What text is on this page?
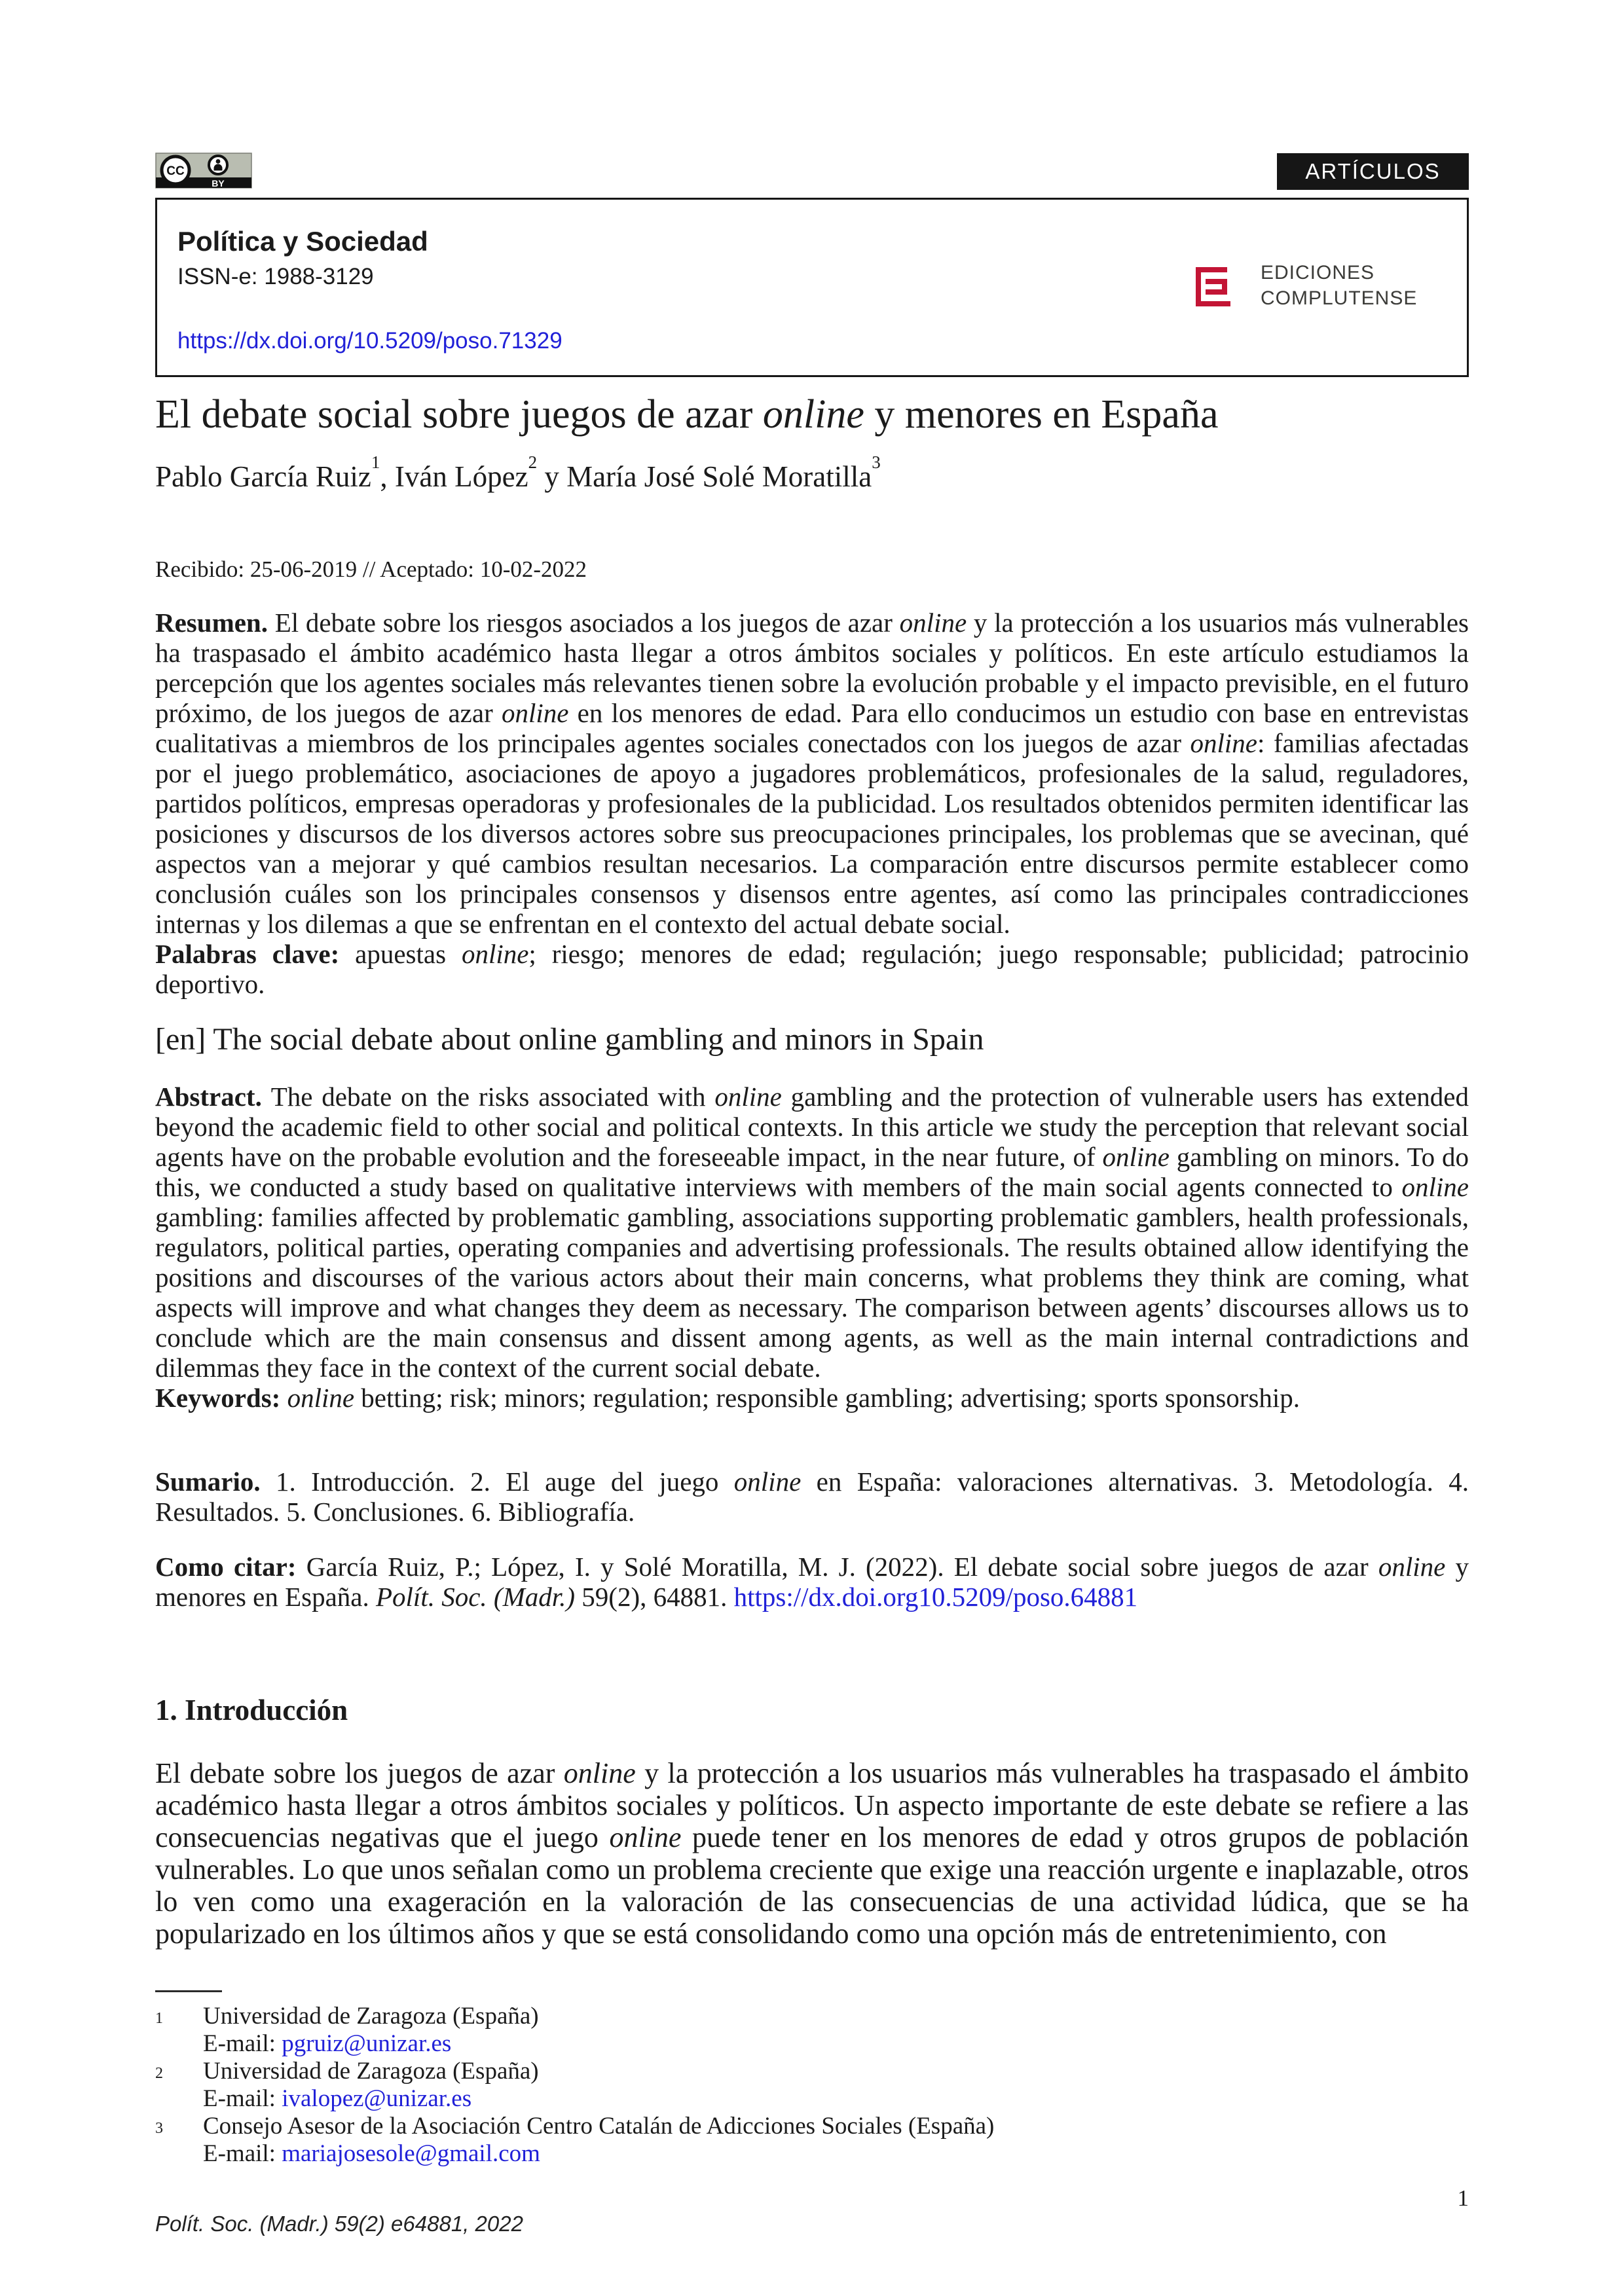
CC
BY	ARTÍCULOS
Política y Sociedad
ISSN-e: 1988-3129
https://dx.doi.org/10.5209/poso.71329
EDICIONES
COMPLUTENSE
El debate social sobre juegos de azar online y menores en España
Pablo García Ruiz$^1$, Iván López$^2$ y María José Solé Moratilla$^3$
Recibido: 25-06-2019 // Aceptado: 10-02-2022

Resumen. El debate sobre los riesgos asociados a los juegos de azar online y la protección a los usuarios más vulnerables ha traspasado el ámbito académico hasta llegar a otros ámbitos sociales y políticos. En este artículo estudiamos la percepción que los agentes sociales más relevantes tienen sobre la evolución probable y el impacto previsible, en el futuro próximo, de los juegos de azar online en los menores de edad. Para ello conducimos un estudio con base en entrevistas cualitativas a miembros de los principales agentes sociales conectados con los juegos de azar online: familias afectadas por el juego problemático, asociaciones de apoyo a jugadores problemáticos, profesionales de la salud, reguladores, partidos políticos, empresas operadoras y profesionales de la publicidad. Los resultados obtenidos permiten identificar las posiciones y discursos de los diversos actores sobre sus preocupaciones principales, los problemas que se avecinan, qué aspectos van a mejorar y qué cambios resultan necesarios. La comparación entre discursos permite establecer como conclusión cuáles son los principales consensos y disensos entre agentes, así como las principales contradicciones internas y los dilemas a que se enfrentan en el contexto del actual debate social.

Palabras clave: apuestas online; riesgo; menores de edad; regulación; juego responsable; publicidad; patrocinio deportivo.

[en] The social debate about online gambling and minors in Spain

Abstract. The debate on the risks associated with online gambling and the protection of vulnerable users has extended beyond the academic field to other social and political contexts. In this article we study the perception that relevant social agents have on the probable evolution and the foreseeable impact, in the near future, of online gambling on minors. To do this, we conducted a study based on qualitative interviews with members of the main social agents connected to online gambling: families affected by problematic gambling, associations supporting problematic gamblers, health professionals, regulators, political parties, operating companies and advertising professionals. The results obtained allow identifying the positions and discourses of the various actors about their main concerns, what problems they think are coming, what aspects will improve and what changes they deem as necessary. The comparison between agents’ discourses allows us to conclude which are the main consensus and dissent among agents, as well as the main internal contradictions and dilemmas they face in the context of the current social debate.

Keywords: online betting; risk; minors; regulation; responsible gambling; advertising; sports sponsorship.

Sumario. 1. Introducción. 2. El auge del juego online en España: valoraciones alternativas. 3. Metodología. 4. Resultados. 5. Conclusiones. 6. Bibliografía.
Como citar: García Ruiz, P.; López, I. y Solé Moratilla, M. J. (2022). El debate social sobre juegos de azar online y menores en España. Polít. Soc. (Madr.) 59(2), 64881. https://dx.doi.org10.5209/poso.64881
1. Introducción
El debate sobre los juegos de azar online y la protección a los usuarios más vulnerables ha traspasado el ámbito académico hasta llegar a otros ámbitos sociales y políticos. Un aspecto importante de este debate se refiere a las consecuencias negativas que el juego online puede tener en los menores de edad y otros grupos de población vulnerables. Lo que unos señalan como un problema creciente que exige una reacción urgente e inaplazable, otros lo ven como una exageración en la valoración de las consecuencias de una actividad lúdica, que se ha popularizado en los últimos años y que se está consolidando como una opción más de entretenimiento, con
1	Universidad de Zaragoza (España)
E-mail: pgruiz@unizar.es
2	Universidad de Zaragoza (España)
E-mail: ivalopez@unizar.es
3	Consejo Asesor de la Asociación Centro Catalán de Adicciones Sociales (España)
E-mail: mariajosesole@gmail.com
Polít. Soc. (Madr.) 59(2) e64881, 2022
1
